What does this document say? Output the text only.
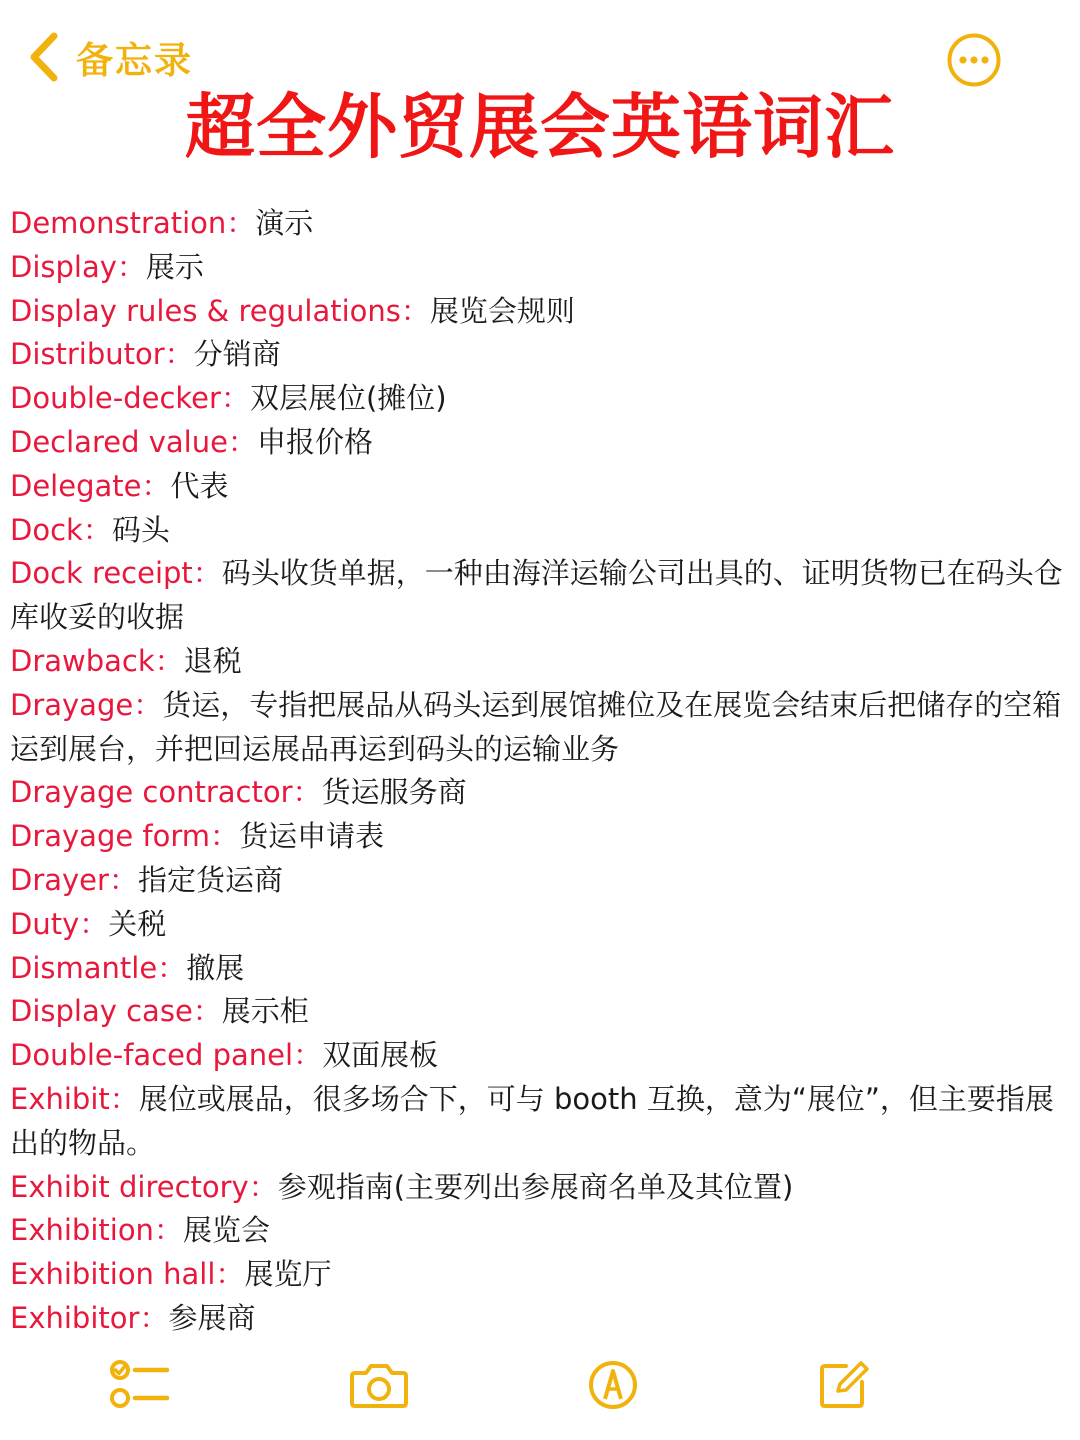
备忘录
超全外贸展会英语词汇

Demonstration：演示

Display：展示

Display rules & regulations：展览会规则

Distributor：分销商

Double-decker：双层展位(摊位)

Declared value：申报价格

Delegate：代表

Dock：码头

Dock receipt：码头收货单据，一种由海洋运输公司出具的、证明货物已在码头仓库收妥的收据

Drawback：退税

Drayage：货运，专指把展品从码头运到展馆摊位及在展览会结束后把储存的空箱运到展台，并把回运展品再运到码头的运输业务

Drayage contractor：货运服务商

Drayage form：货运申请表

Drayer：指定货运商

Duty：关税

Dismantle：撤展

Display case：展示柜

Double-faced panel：双面展板

Exhibit：展位或展品，很多场合下，可与 booth 互换，意为“展位”，但主要指展出的物品。

Exhibit directory：参观指南(主要列出参展商名单及其位置)

Exhibition：展览会

Exhibition hall：展览厅

Exhibitor：参展商
